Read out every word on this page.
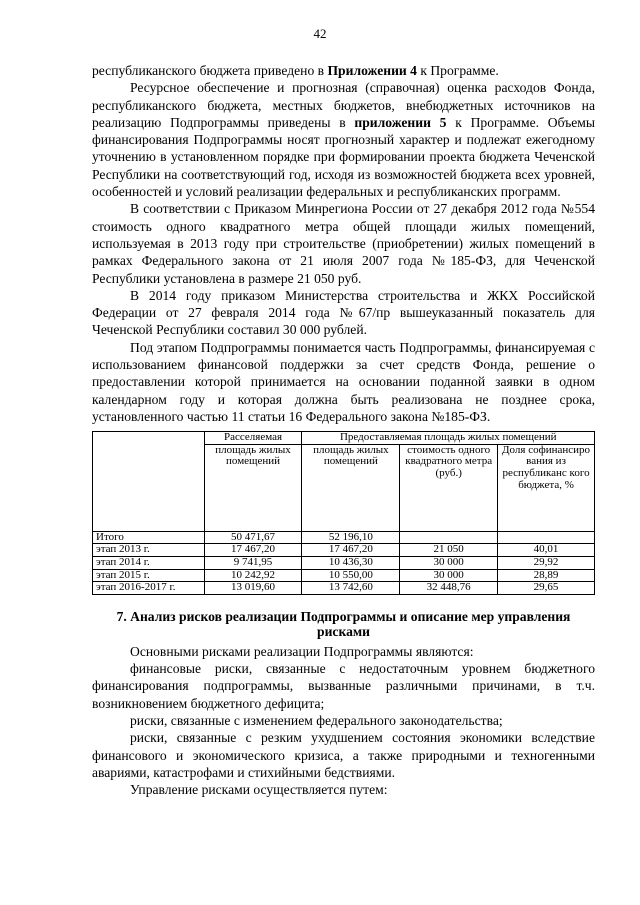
42

республиканского бюджета приведено в Приложении 4 к Программе.

Ресурсное обеспечение и прогнозная (справочная) оценка расходов Фонда, республиканского бюджета, местных бюджетов, внебюджетных источников на реализацию Подпрограммы приведены в приложении 5 к Программе. Объемы финансирования Подпрограммы носят прогнозный характер и подлежат ежегодному уточнению в установленном порядке при формировании проекта бюджета Чеченской Республики на соответствующий год, исходя из возможностей бюджета всех уровней, особенностей и условий реализации федеральных и республиканских программ.

В соответствии с Приказом Минрегиона России от 27 декабря 2012 года №554 стоимость одного квадратного метра общей площади жилых помещений, используемая в 2013 году при строительстве (приобретении) жилых помещений в рамках Федерального закона от 21 июля 2007 года №185-ФЗ, для Чеченской Республики установлена в размере 21 050 руб.

В 2014 году приказом Министерства строительства и ЖКХ Российской Федерации от 27 февраля 2014 года №67/пр вышеуказанный показатель для Чеченской Республики составил 30 000 рублей.

Под этапом Подпрограммы понимается часть Подпрограммы, финансируемая с использованием финансовой поддержки за счет средств Фонда, решение о предоставлении которой принимается на основании поданной заявки в одном календарном году и которая должна быть реализована не позднее срока, установленного частью 11 статьи 16 Федерального закона №185-ФЗ.

	Расселяемая	Предоставляемая площадь жилых помещений		
	площадь жилых помещений	площадь жилых помещений	стоимость одного квадратного метра (руб.)	Доля софинансиро вания из республиканс кого бюджета, %
Итого	50 471,67	52 196,10		
этап 2013 г.	17 467,20	17 467,20	21 050	40,01
этап 2014 г.	9 741,95	10 436,30	30 000	29,92
этап 2015 г.	10 242,92	10 550,00	30 000	28,89
этап 2016-2017 г.	13 019,60	13 742,60	32 448,76	29,65
7. Анализ рисков реализации Подпрограммы и описание мер управления рисками

Основными рисками реализации Подпрограммы являются:

финансовые риски, связанные с недостаточным уровнем бюджетного финансирования подпрограммы, вызванные различными причинами, в т.ч. возникновением бюджетного дефицита;

риски, связанные с изменением федерального законодательства;

риски, связанные с резким ухудшением состояния экономики вследствие финансового и экономического кризиса, а также природными и техногенными авариями, катастрофами и стихийными бедствиями.

Управление рисками осуществляется путем:
